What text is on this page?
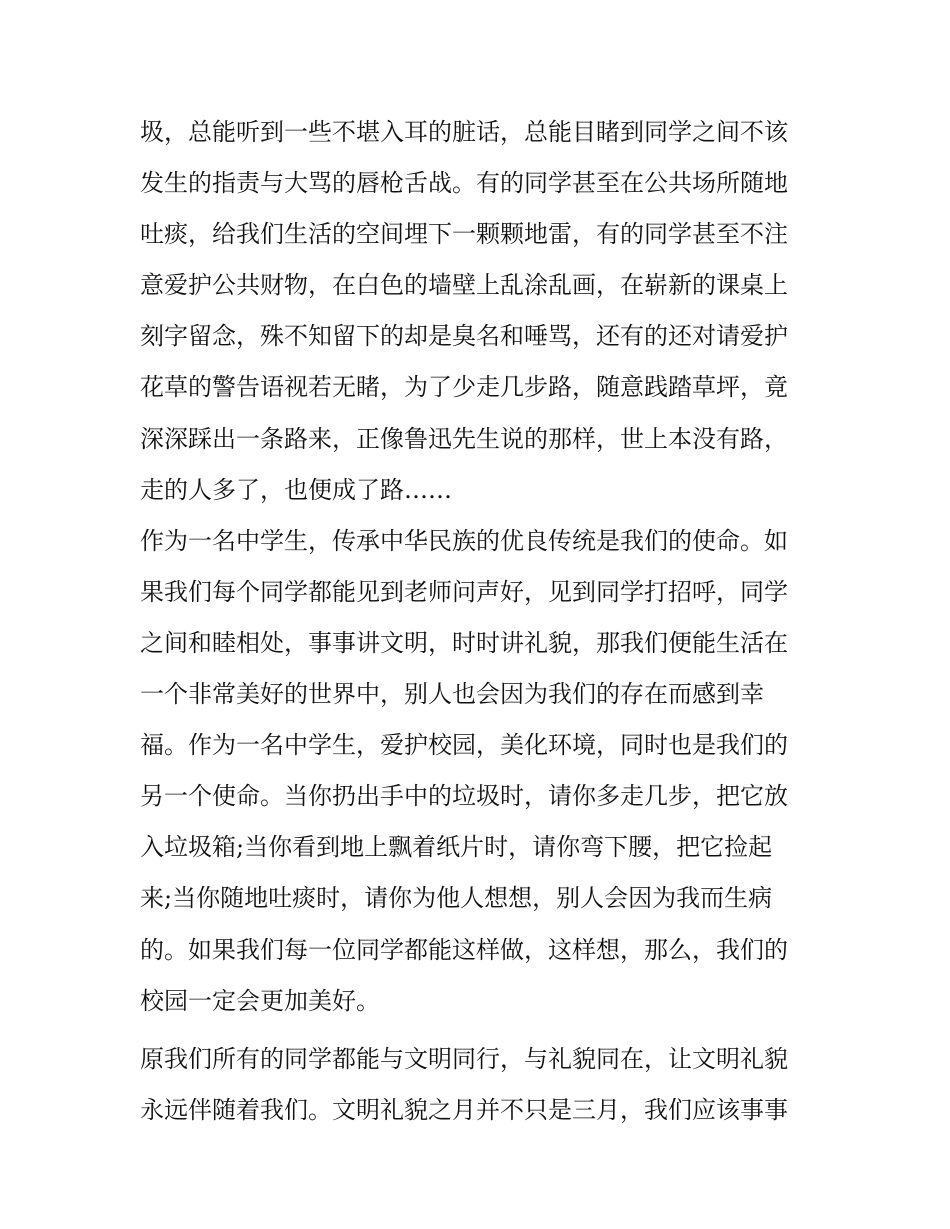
圾，总能听到一些不堪入耳的脏话，总能目睹到同学之间不该

发生的指责与大骂的唇枪舌战。有的同学甚至在公共场所随地

吐痰，给我们生活的空间埋下一颗颗地雷，有的同学甚至不注

意爱护公共财物，在白色的墙壁上乱涂乱画，在崭新的课桌上

刻字留念，殊不知留下的却是臭名和唾骂，还有的还对请爱护

花草的警告语视若无睹，为了少走几步路，随意践踏草坪，竟

深深踩出一条路来，正像鲁迅先生说的那样，世上本没有路，

走的人多了，也便成了路……

作为一名中学生，传承中华民族的优良传统是我们的使命。如

果我们每个同学都能见到老师问声好，见到同学打招呼，同学

之间和睦相处，事事讲文明，时时讲礼貌，那我们便能生活在

一个非常美好的世界中，别人也会因为我们的存在而感到幸

福。作为一名中学生，爱护校园，美化环境，同时也是我们的

另一个使命。当你扔出手中的垃圾时，请你多走几步，把它放

入垃圾箱;当你看到地上飘着纸片时，请你弯下腰，把它捡起

来;当你随地吐痰时，请你为他人想想，别人会因为我而生病

的。如果我们每一位同学都能这样做，这样想，那么，我们的

校园一定会更加美好。

原我们所有的同学都能与文明同行，与礼貌同在，让文明礼貌

永远伴随着我们。文明礼貌之月并不只是三月，我们应该事事
